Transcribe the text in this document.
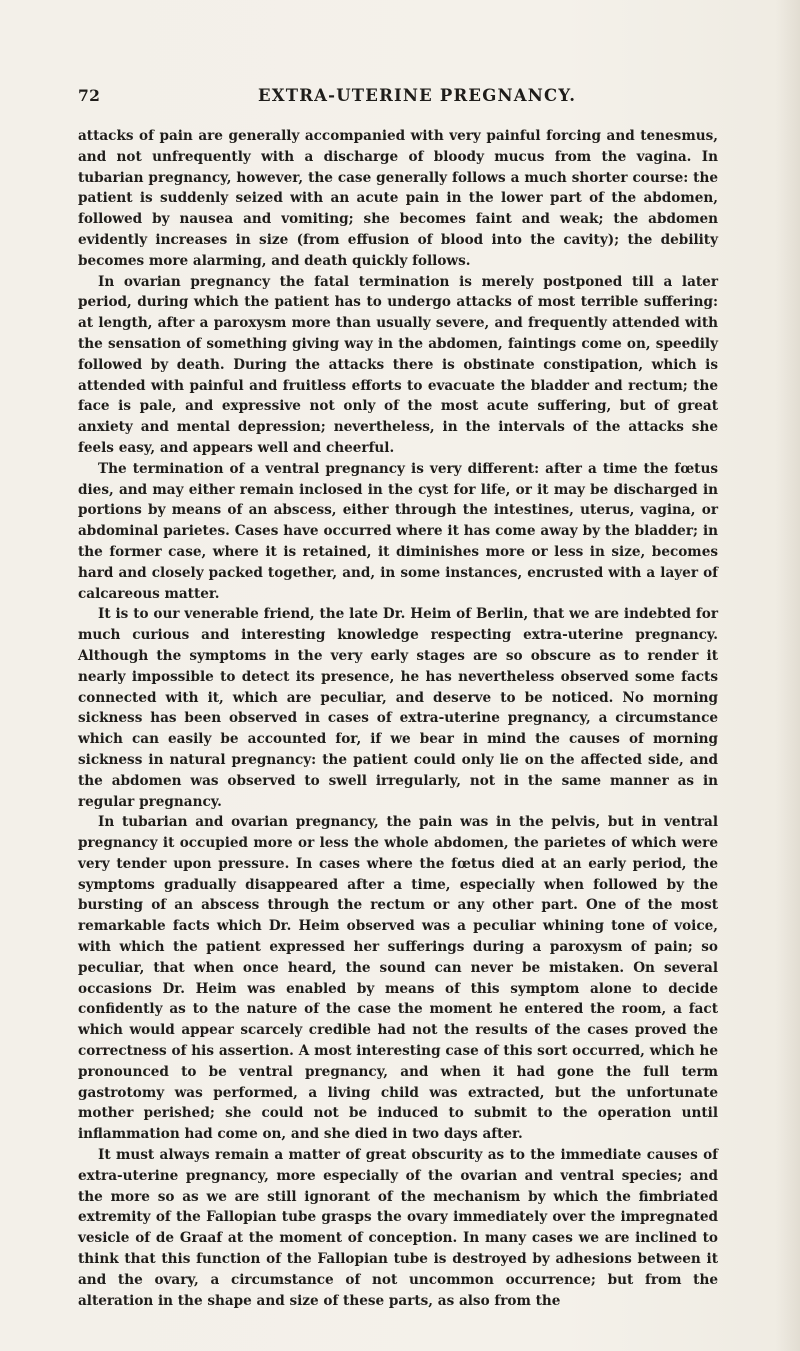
72	EXTRA-UTERINE PREGNANCY.

attacks of pain are generally accompanied with very painful forcing and tenesmus, and not unfrequently with a discharge of bloody mucus from the vagina. In tubarian pregnancy, however, the case generally follows a much shorter course: the patient is suddenly seized with an acute pain in the lower part of the abdomen, followed by nausea and vomiting; she becomes faint and weak; the abdomen evidently increases in size (from effusion of blood into the cavity); the debility becomes more alarming, and death quickly follows.

In ovarian pregnancy the fatal termination is merely postponed till a later period, during which the patient has to undergo attacks of most terrible suffering: at length, after a paroxysm more than usually severe, and frequently attended with the sensation of something giving way in the abdomen, faintings come on, speedily followed by death. During the attacks there is obstinate constipation, which is attended with painful and fruitless efforts to evacuate the bladder and rectum; the face is pale, and expressive not only of the most acute suffering, but of great anxiety and mental depression; nevertheless, in the intervals of the attacks she feels easy, and appears well and cheerful.

The termination of a ventral pregnancy is very different: after a time the fœtus dies, and may either remain inclosed in the cyst for life, or it may be discharged in portions by means of an abscess, either through the intestines, uterus, vagina, or abdominal parietes. Cases have occurred where it has come away by the bladder; in the former case, where it is retained, it diminishes more or less in size, becomes hard and closely packed together, and, in some instances, encrusted with a layer of calcareous matter.

It is to our venerable friend, the late Dr. Heim of Berlin, that we are indebted for much curious and interesting knowledge respecting extra-uterine pregnancy. Although the symptoms in the very early stages are so obscure as to render it nearly impossible to detect its presence, he has nevertheless observed some facts connected with it, which are peculiar, and deserve to be noticed. No morning sickness has been observed in cases of extra-uterine pregnancy, a circumstance which can easily be accounted for, if we bear in mind the causes of morning sickness in natural pregnancy: the patient could only lie on the affected side, and the abdomen was observed to swell irregularly, not in the same manner as in regular pregnancy.

In tubarian and ovarian pregnancy, the pain was in the pelvis, but in ventral pregnancy it occupied more or less the whole abdomen, the parietes of which were very tender upon pressure. In cases where the fœtus died at an early period, the symptoms gradually disappeared after a time, especially when followed by the bursting of an abscess through the rectum or any other part. One of the most remarkable facts which Dr. Heim observed was a peculiar whining tone of voice, with which the patient expressed her sufferings during a paroxysm of pain; so peculiar, that when once heard, the sound can never be mistaken. On several occasions Dr. Heim was enabled by means of this symptom alone to decide confidently as to the nature of the case the moment he entered the room, a fact which would appear scarcely credible had not the results of the cases proved the correctness of his assertion. A most interesting case of this sort occurred, which he pronounced to be ventral pregnancy, and when it had gone the full term gastrotomy was performed, a living child was extracted, but the unfortunate mother perished; she could not be induced to submit to the operation until inflammation had come on, and she died in two days after.

It must always remain a matter of great obscurity as to the immediate causes of extra-uterine pregnancy, more especially of the ovarian and ventral species; and the more so as we are still ignorant of the mechanism by which the fimbriated extremity of the Fallopian tube grasps the ovary immediately over the impregnated vesicle of de Graaf at the moment of conception. In many cases we are inclined to think that this function of the Fallopian tube is destroyed by adhesions between it and the ovary, a circumstance of not uncommon occurrence; but from the alteration in the shape and size of these parts, as also from the
